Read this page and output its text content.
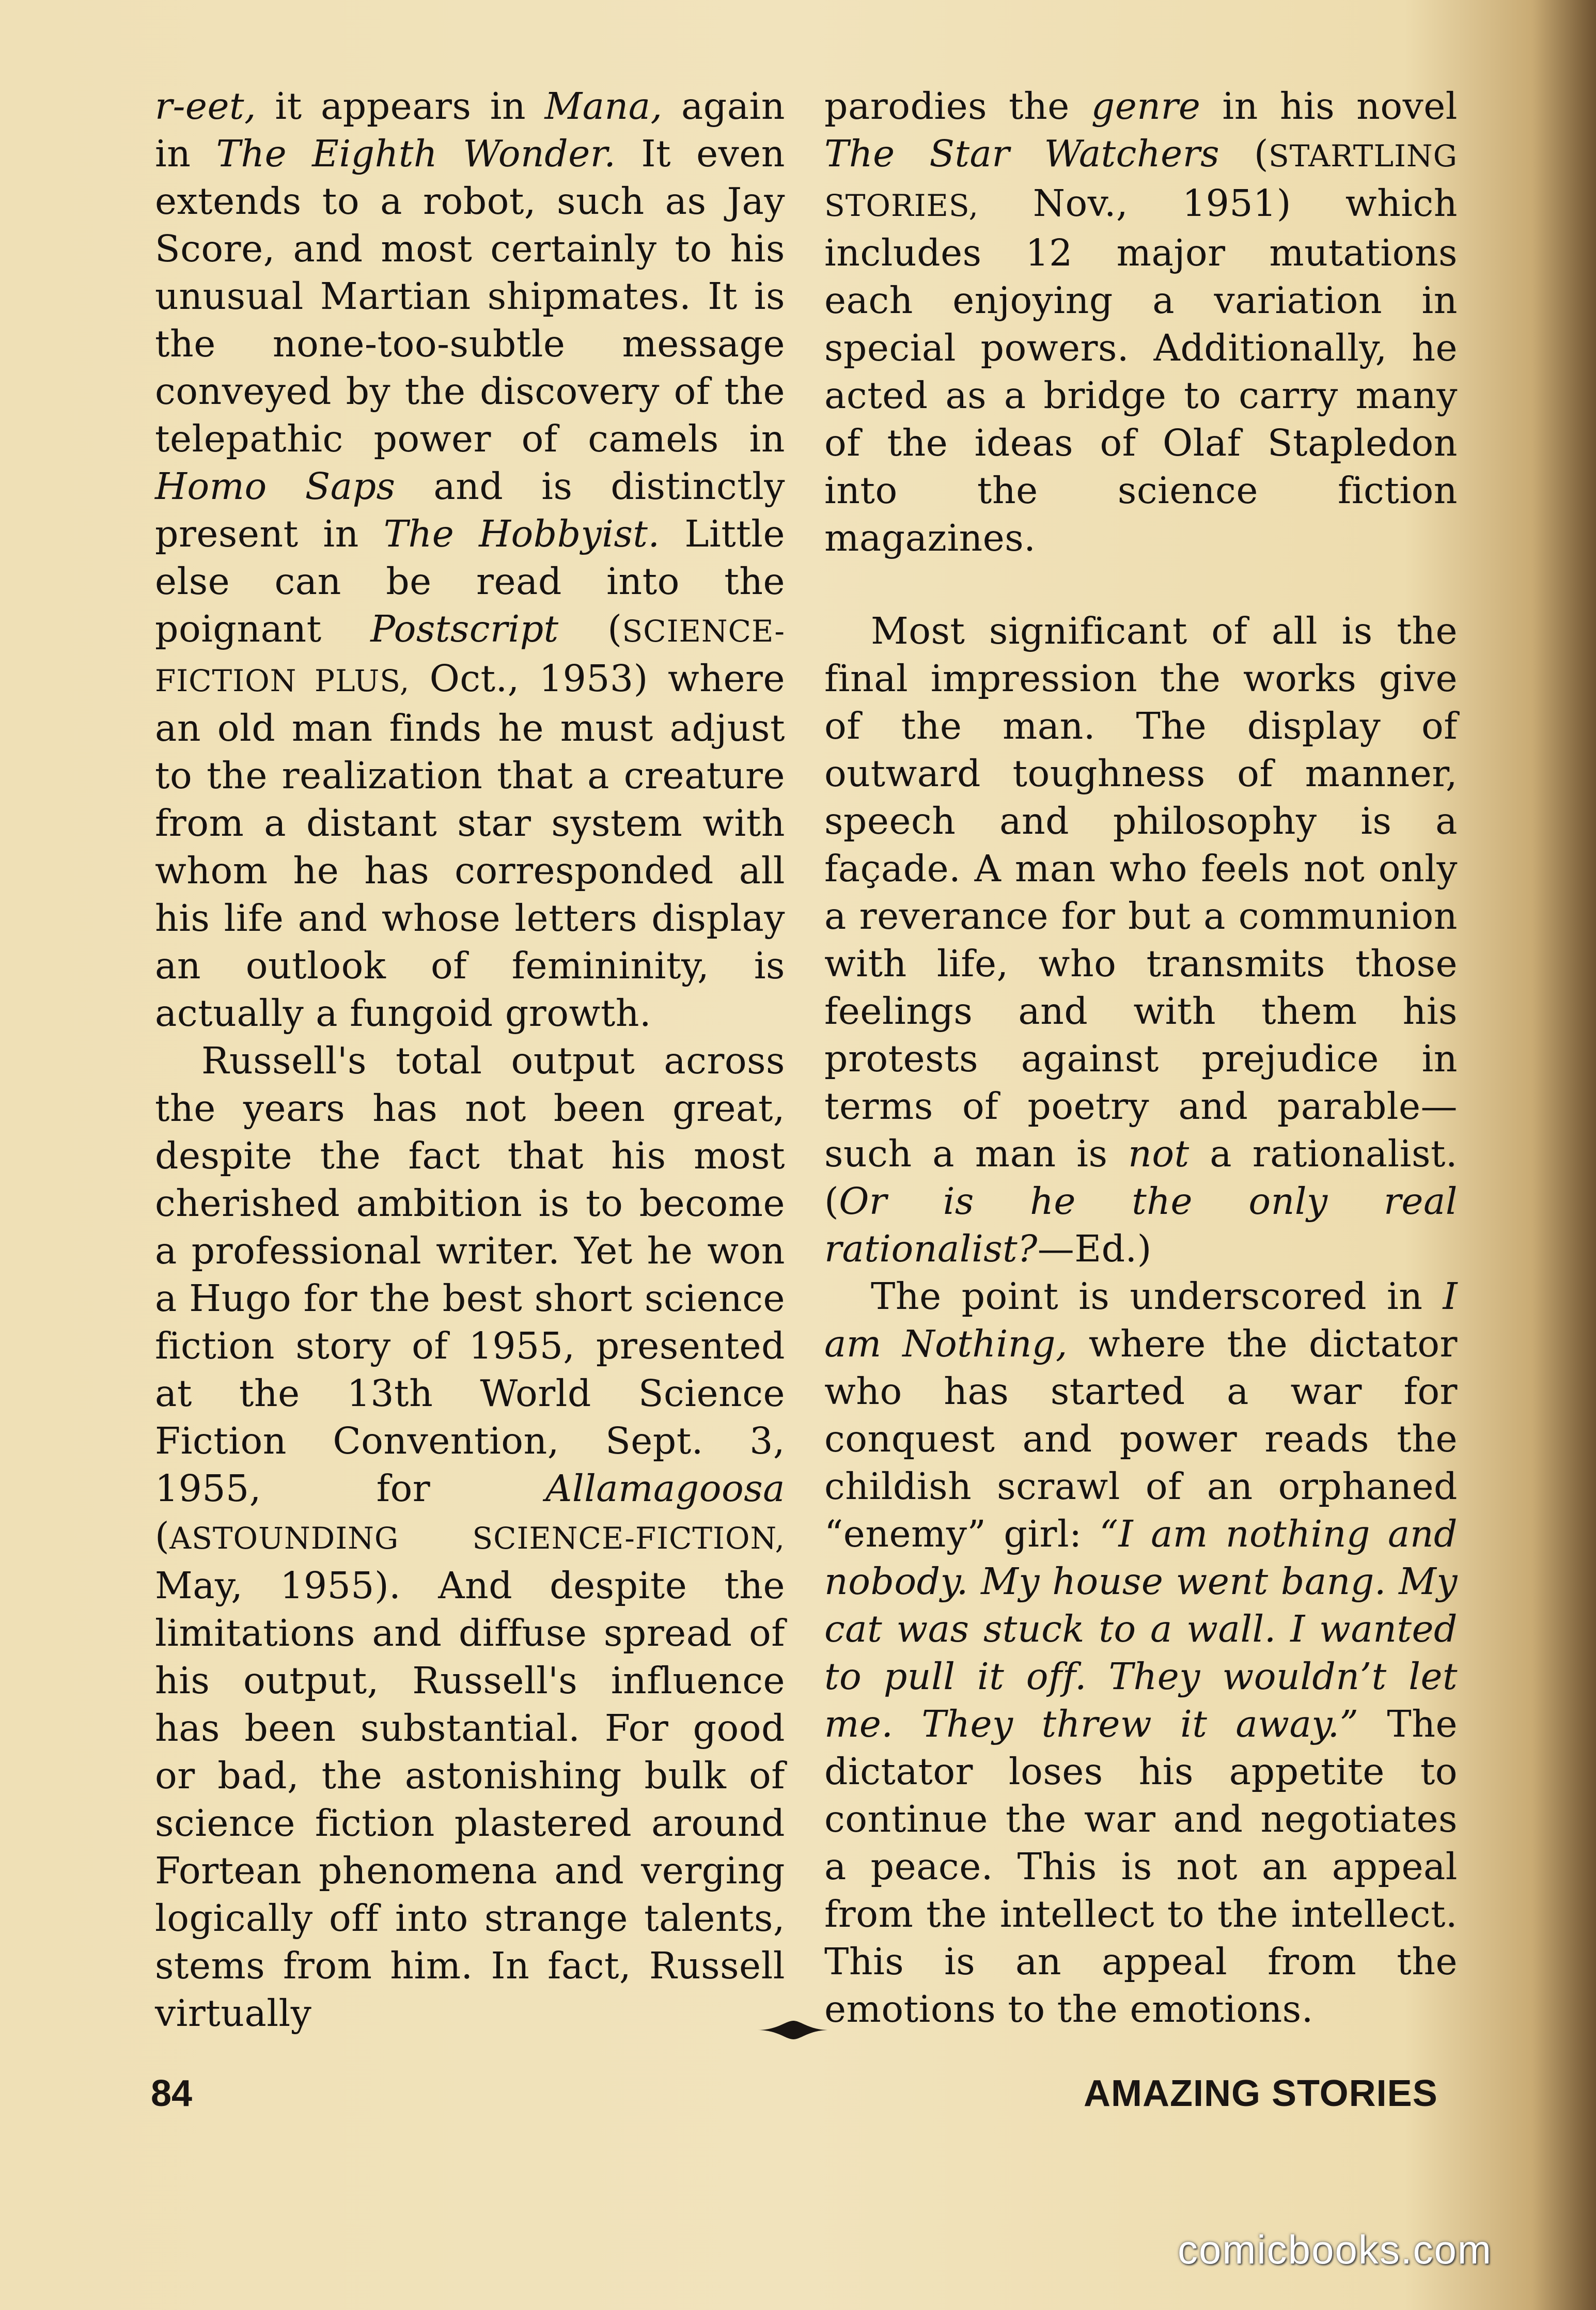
r-eet, it appears in Mana, again in The Eighth Wonder. It even extends to a robot, such as Jay Score, and most certainly to his unusual Martian shipmates. It is the none-too-subtle message conveyed by the discovery of the telepathic power of camels in Homo Saps and is distinctly present in The Hobbyist. Little else can be read into the poignant Postscript (SCIENCE-FICTION PLUS, Oct., 1953) where an old man finds he must adjust to the realization that a creature from a distant star system with whom he has corresponded all his life and whose letters display an outlook of femininity, is actually a fungoid growth.

Russell's total output across the years has not been great, despite the fact that his most cherished ambition is to become a professional writer. Yet he won a Hugo for the best short science fiction story of 1955, presented at the 13th World Science Fiction Convention, Sept. 3, 1955, for Allamagoosa (ASTOUNDING SCIENCE-FICTION, May, 1955). And despite the limitations and diffuse spread of his output, Russell's influence has been substantial. For good or bad, the astonishing bulk of science fiction plastered around Fortean phenomena and verging logically off into strange talents, stems from him. In fact, Russell virtually

parodies the genre in his novel The Star Watchers (STARTLING STORIES, Nov., 1951) which includes 12 major mutations each enjoying a variation in special powers. Additionally, he acted as a bridge to carry many of the ideas of Olaf Stapledon into the science fiction magazines.

Most significant of all is the final impression the works give of the man. The display of outward toughness of manner, speech and philosophy is a façade. A man who feels not only a reverance for but a communion with life, who transmits those feelings and with them his protests against prejudice in terms of poetry and parable—such a man is not a rationalist. (Or is he the only real rationalist?—Ed.)

The point is underscored in I am Nothing, where the dictator who has started a war for conquest and power reads the childish scrawl of an orphaned “enemy” girl: “I am nothing and nobody. My house went bang. My cat was stuck to a wall. I wanted to pull it off. They wouldn’t let me. They threw it away.” The dictator loses his appetite to continue the war and negotiates a peace. This is not an appeal from the intellect to the intellect. This is an appeal from the emotions to the emotions.

84	AMAZING STORIES
comicbooks.com
